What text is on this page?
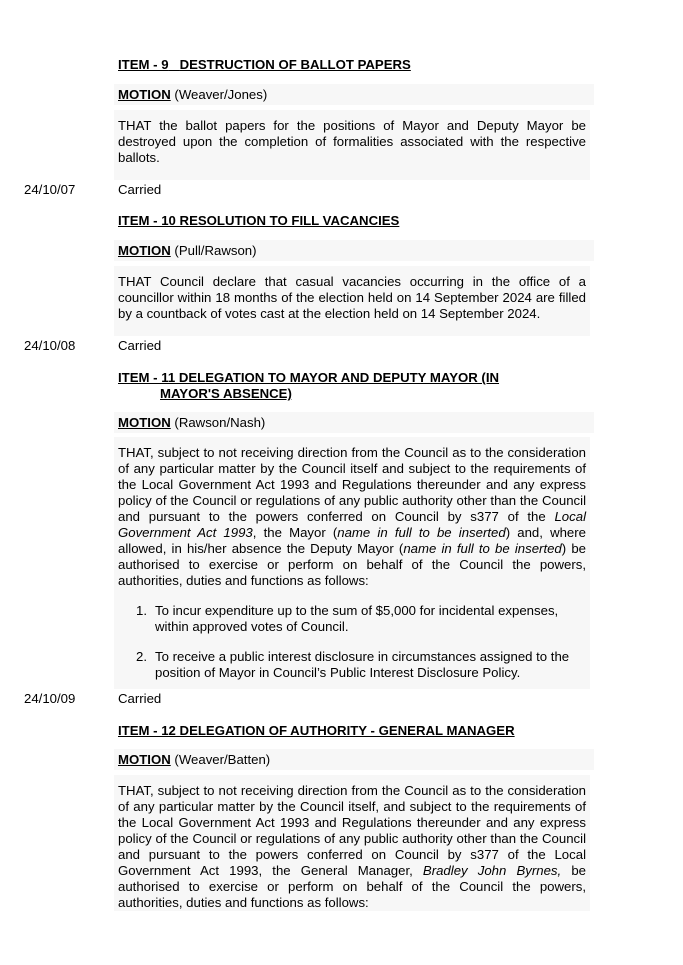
ITEM - 9 DESTRUCTION OF BALLOT PAPERS
MOTION (Weaver/Jones)

THAT the ballot papers for the positions of Mayor and Deputy Mayor be destroyed upon the completion of formalities associated with the respective ballots.

24/10/07	Carried
ITEM - 10 RESOLUTION TO FILL VACANCIES
MOTION (Pull/Rawson)

THAT Council declare that casual vacancies occurring in the office of a councillor within 18 months of the election held on 14 September 2024 are filled by a countback of votes cast at the election held on 14 September 2024.

24/10/08	Carried
ITEM - 11 DELEGATION TO MAYOR AND DEPUTY MAYOR (IN
MAYOR'S ABSENCE)
MOTION (Rawson/Nash)

THAT, subject to not receiving direction from the Council as to the consideration of any particular matter by the Council itself and subject to the requirements of the Local Government Act 1993 and Regulations thereunder and any express policy of the Council or regulations of any public authority other than the Council and pursuant to the powers conferred on Council by s377 of the Local Government Act 1993, the Mayor (name in full to be inserted) and, where allowed, in his/her absence the Deputy Mayor (name in full to be inserted) be authorised to exercise or perform on behalf of the Council the powers, authorities, duties and functions as follows:

1. To incur expenditure up to the sum of $5,000 for incidental expenses, within approved votes of Council.
2. To receive a public interest disclosure in circumstances assigned to the position of Mayor in Council’s Public Interest Disclosure Policy.
24/10/09	Carried
ITEM - 12 DELEGATION OF AUTHORITY - GENERAL MANAGER
MOTION (Weaver/Batten)

THAT, subject to not receiving direction from the Council as to the consideration of any particular matter by the Council itself, and subject to the requirements of the Local Government Act 1993 and Regulations thereunder and any express policy of the Council or regulations of any public authority other than the Council and pursuant to the powers conferred on Council by s377 of the Local Government Act 1993, the General Manager, Bradley John Byrnes, be authorised to exercise or perform on behalf of the Council the powers, authorities, duties and functions as follows:
